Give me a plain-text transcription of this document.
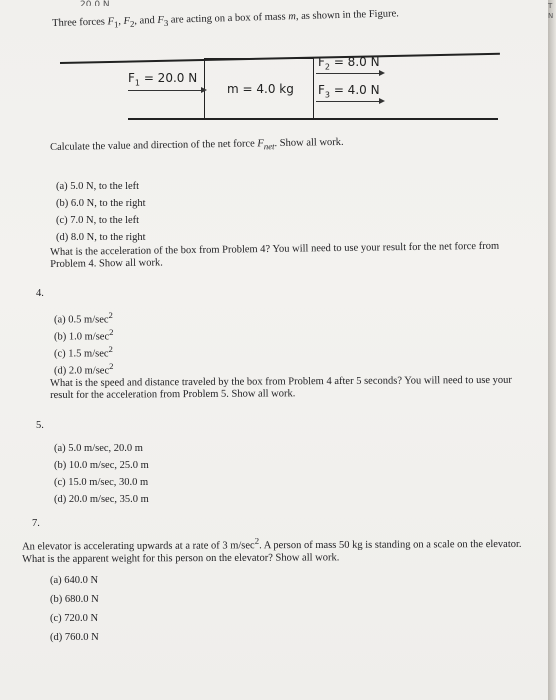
20.0 N
Three forces $F_1$, $F_2$, and $F_3$ are acting on a box of mass m, as shown in the Figure.
$F_1 = 20.0$ N
m = 4.0 kg
$F_2 = 8.0$ N
$F_3 = 4.0$ N
Calculate the value and direction of the net force $F_{net}$. Show all work.
(a) 5.0 N, to the left
(b) 6.0 N, to the right
(c) 7.0 N, to the left
(d) 8.0 N, to the right
What is the acceleration of the box from Problem 4? You will need to use your result for the net force from Problem 4. Show all work.
4.
(a) 0.5 $m/\sec^2$
(b) 1.0 $m/\sec^2$
(c) 1.5 $m/\sec^2$
(d) 2.0 $m/\sec^2$
What is the speed and distance traveled by the box from Problem 4 after 5 seconds? You will need to use your result for the acceleration from Problem 5. Show all work.
5.
(a) 5.0 m/sec, 20.0 m
(b) 10.0 m/sec, 25.0 m
(c) 15.0 m/sec, 30.0 m
(d) 20.0 m/sec, 35.0 m
7.
An elevator is accelerating upwards at a rate of 3 $m/\sec^2$. A person of mass 50 kg is standing on a scale on the elevator. What is the apparent weight for this person on the elevator? Show all work.
(a) 640.0 N
(b) 680.0 N
(c) 720.0 N
(d) 760.0 N
T
N
